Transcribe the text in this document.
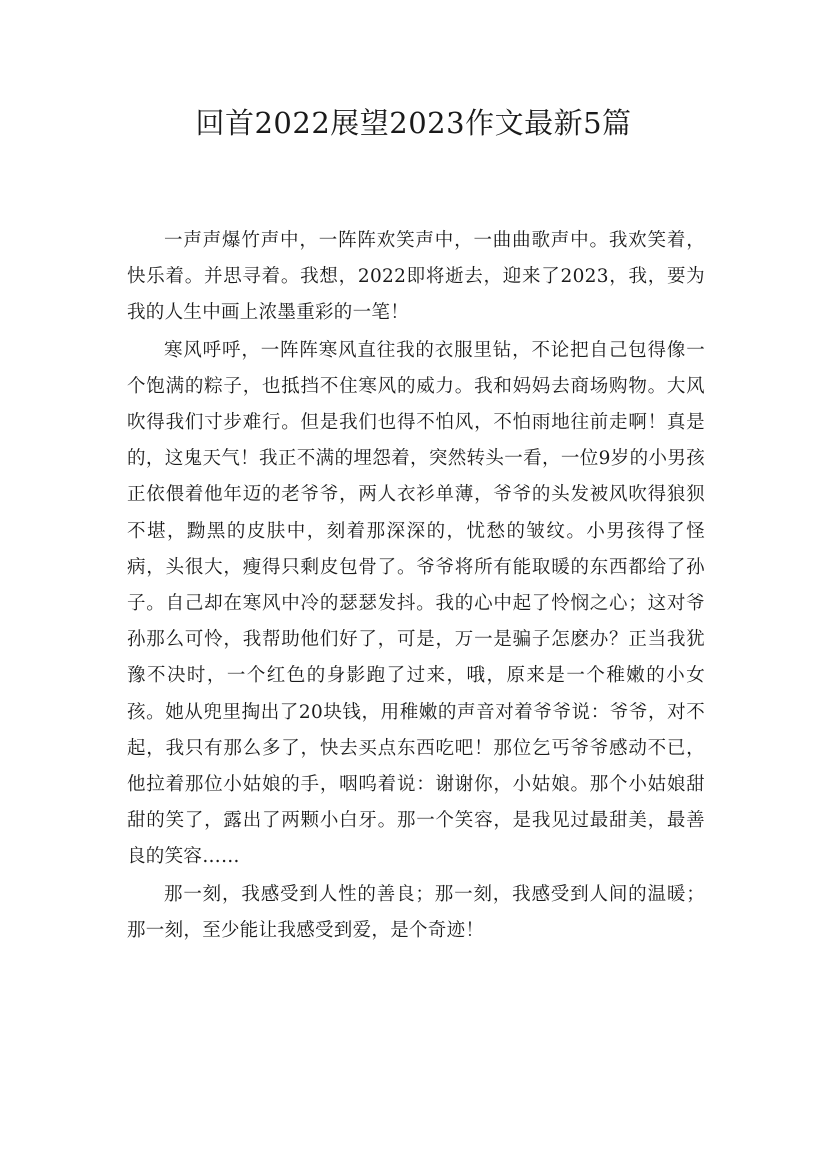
回首2022展望2023作文最新5篇

一声声爆竹声中，一阵阵欢笑声中，一曲曲歌声中。我欢笑着，快乐着。并思寻着。我想，2022即将逝去，迎来了2023，我，要为我的人生中画上浓墨重彩的一笔！

寒风呼呼，一阵阵寒风直往我的衣服里钻，不论把自己包得像一个饱满的粽子，也抵挡不住寒风的威力。我和妈妈去商场购物。大风吹得我们寸步难行。但是我们也得不怕风，不怕雨地往前走啊！真是的，这鬼天气！我正不满的埋怨着，突然转头一看，一位9岁的小男孩正依偎着他年迈的老爷爷，两人衣衫单薄，爷爷的头发被风吹得狼狈不堪，黝黑的皮肤中，刻着那深深的，忧愁的皱纹。小男孩得了怪病，头很大，瘦得只剩皮包骨了。爷爷将所有能取暖的东西都给了孙子。自己却在寒风中冷的瑟瑟发抖。我的心中起了怜悯之心；这对爷孙那么可怜，我帮助他们好了，可是，万一是骗子怎麽办？正当我犹豫不决时，一个红色的身影跑了过来，哦，原来是一个稚嫩的小女孩。她从兜里掏出了20块钱，用稚嫩的声音对着爷爷说：爷爷，对不起，我只有那么多了，快去买点东西吃吧！那位乞丐爷爷感动不已，他拉着那位小姑娘的手，咽呜着说：谢谢你，小姑娘。那个小姑娘甜甜的笑了，露出了两颗小白牙。那一个笑容，是我见过最甜美，最善良的笑容……

那一刻，我感受到人性的善良；那一刻，我感受到人间的温暖；那一刻，至少能让我感受到爱，是个奇迹！
